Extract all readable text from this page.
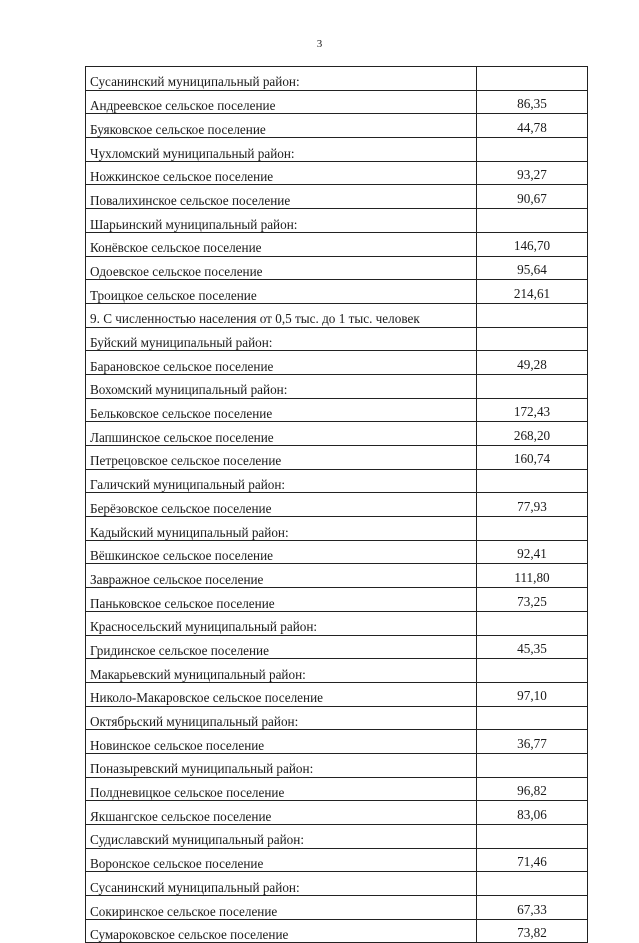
3
Сусанинский муниципальный район:	
Андреевское сельское поселение	86,35
Буяковское сельское поселение	44,78
Чухломский муниципальный район:	
Ножкинское сельское поселение	93,27
Повалихинское сельское поселение	90,67
Шарьинский муниципальный район:	
Конёвское сельское поселение	146,70
Одоевское сельское поселение	95,64
Троицкое сельское поселение	214,61
9. С численностью населения от 0,5 тыс. до 1 тыс. человек	
Буйский муниципальный район:	
Барановское сельское поселение	49,28
Вохомский муниципальный район:	
Бельковское сельское поселение	172,43
Лапшинское сельское поселение	268,20
Петрецовское сельское поселение	160,74
Галичский муниципальный район:	
Берёзовское сельское поселение	77,93
Кадыйский муниципальный район:	
Вёшкинское сельское поселение	92,41
Завражное сельское поселение	111,80
Паньковское сельское поселение	73,25
Красносельский муниципальный район:	
Гридинское сельское поселение	45,35
Макарьевский муниципальный район:	
Николо-Макаровское сельское поселение	97,10
Октябрьский муниципальный район:	
Новинское сельское поселение	36,77
Поназыревский муниципальный район:	
Полдневицкое сельское поселение	96,82
Якшангское сельское поселение	83,06
Судиславский муниципальный район:	
Воронское сельское поселение	71,46
Сусанинский муниципальный район:	
Сокиринское сельское поселение	67,33
Сумароковское сельское поселение	73,82
